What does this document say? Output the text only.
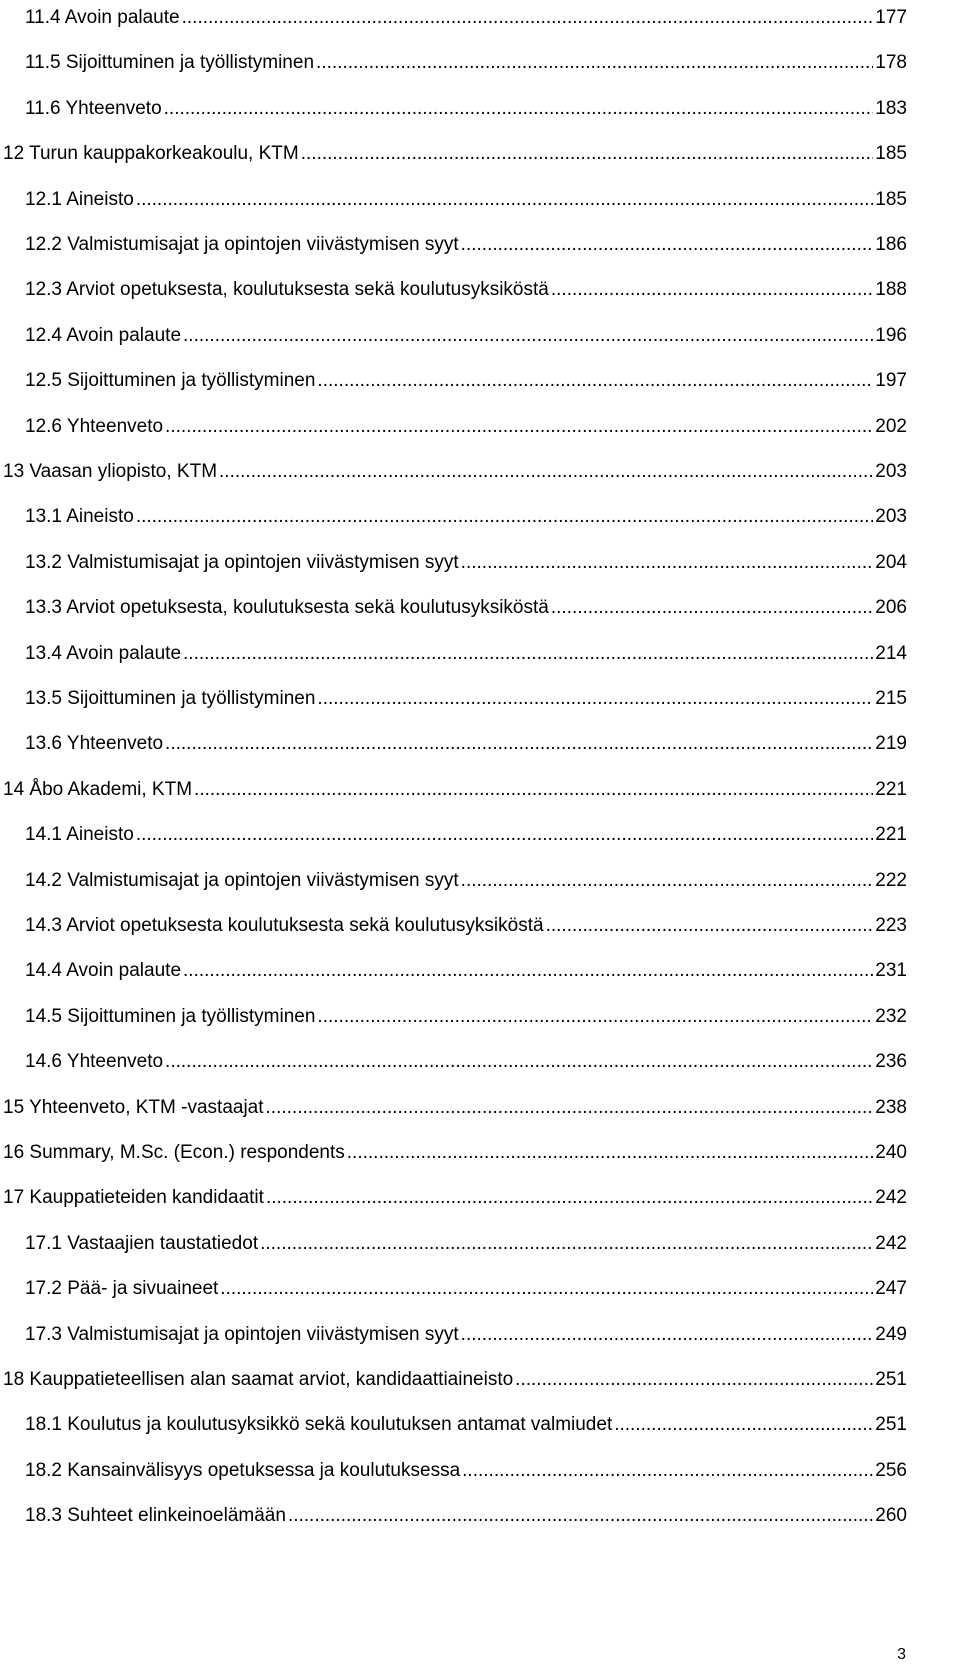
11.4 Avoin palaute .....	177
11.5 Sijoittuminen ja työllistyminen .....	178
11.6 Yhteenveto .....	183
12 Turun kauppakorkeakoulu, KTM .....	185
12.1 Aineisto .....	185
12.2 Valmistumisajat ja opintojen viivästymisen syyt .....	186
12.3 Arviot opetuksesta, koulutuksesta sekä koulutusyksiköstä .....	188
12.4 Avoin palaute .....	196
12.5 Sijoittuminen ja työllistyminen .....	197
12.6 Yhteenveto .....	202
13 Vaasan yliopisto, KTM .....	203
13.1 Aineisto .....	203
13.2 Valmistumisajat ja opintojen viivästymisen syyt .....	204
13.3 Arviot opetuksesta, koulutuksesta sekä koulutusyksiköstä .....	206
13.4 Avoin palaute .....	214
13.5 Sijoittuminen ja työllistyminen .....	215
13.6 Yhteenveto .....	219
14 Åbo Akademi, KTM .....	221
14.1 Aineisto .....	221
14.2 Valmistumisajat ja opintojen viivästymisen syyt .....	222
14.3 Arviot opetuksesta koulutuksesta sekä koulutusyksiköstä .....	223
14.4 Avoin palaute .....	231
14.5 Sijoittuminen ja työllistyminen .....	232
14.6 Yhteenveto .....	236
15 Yhteenveto, KTM -vastaajat .....	238
16 Summary, M.Sc. (Econ.) respondents .....	240
17 Kauppatieteiden kandidaatit .....	242
17.1 Vastaajien taustatiedot .....	242
17.2 Pää- ja sivuaineet .....	247
17.3 Valmistumisajat ja opintojen viivästymisen syyt .....	249
18 Kauppatieteellisen alan saamat arviot, kandidaattiaineisto .....	251
18.1 Koulutus ja koulutusyksikkö sekä koulutuksen antamat valmiudet .....	251
18.2 Kansainvälisyys opetuksessa ja koulutuksessa .....	256
18.3 Suhteet elinkeinoelämään .....	260
3
